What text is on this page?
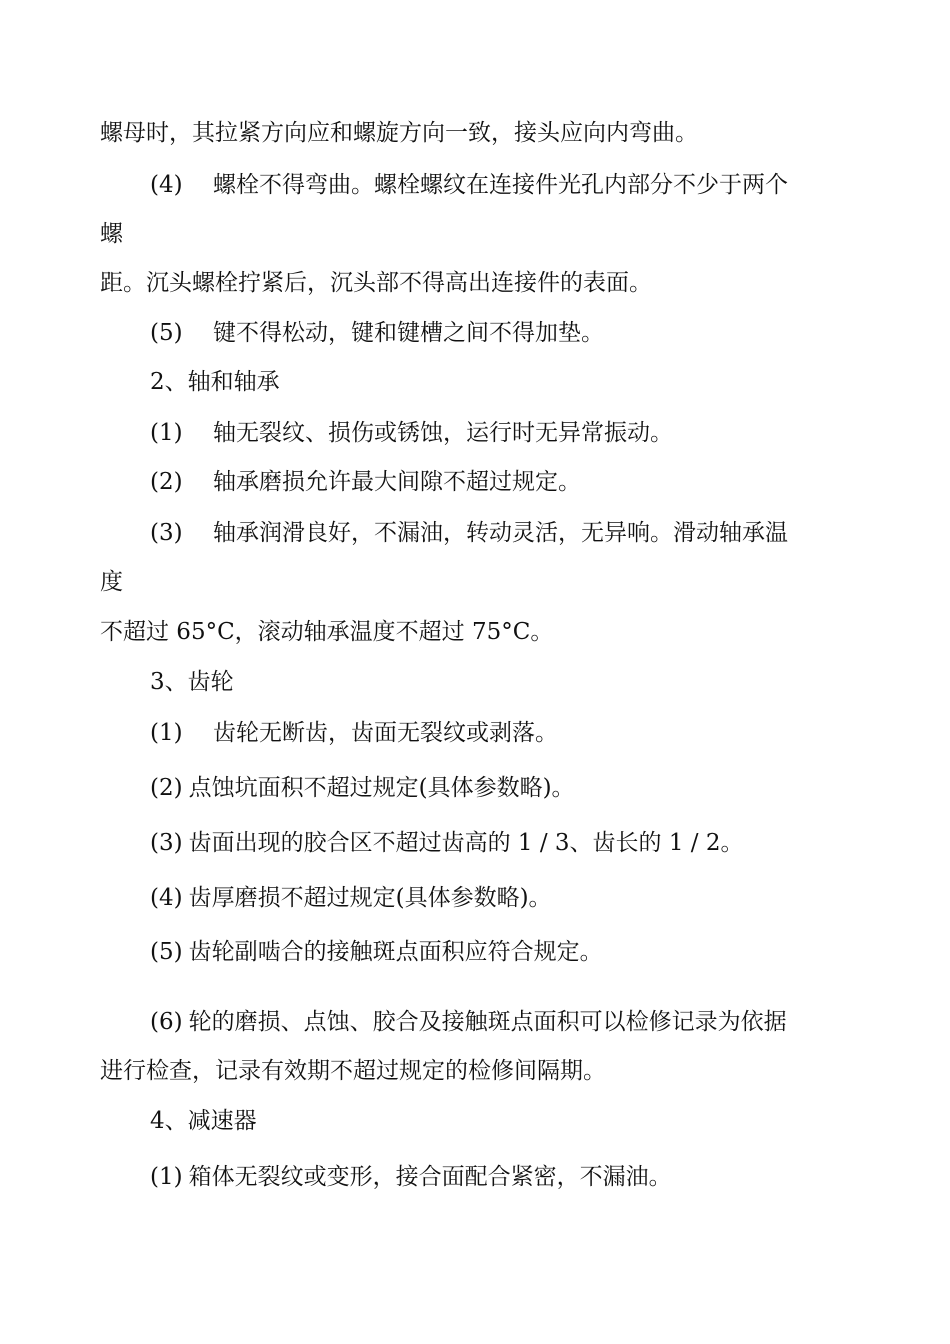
螺母时，其拉紧方向应和螺旋方向一致，接头应向内弯曲。
(4) 螺栓不得弯曲。螺栓螺纹在连接件光孔内部分不少于两个
螺
距。沉头螺栓拧紧后，沉头部不得高出连接件的表面。
(5) 键不得松动，键和键槽之间不得加垫。
2、轴和轴承
(1) 轴无裂纹、损伤或锈蚀，运行时无异常振动。
(2) 轴承磨损允许最大间隙不超过规定。
(3) 轴承润滑良好，不漏油，转动灵活，无异响。滑动轴承温
度
不超过 65°C，滚动轴承温度不超过 75°C。
3、齿轮
(1) 齿轮无断齿，齿面无裂纹或剥落。
(2) 点蚀坑面积不超过规定(具体参数略)。
(3) 齿面出现的胶合区不超过齿高的 1 / 3、齿长的 1 / 2。
(4) 齿厚磨损不超过规定(具体参数略)。
(5) 齿轮副啮合的接触斑点面积应符合规定。
(6) 轮的磨损、点蚀、胶合及接触斑点面积可以检修记录为依据
进行检查，记录有效期不超过规定的检修间隔期。
4、减速器
(1) 箱体无裂纹或变形，接合面配合紧密，不漏油。
